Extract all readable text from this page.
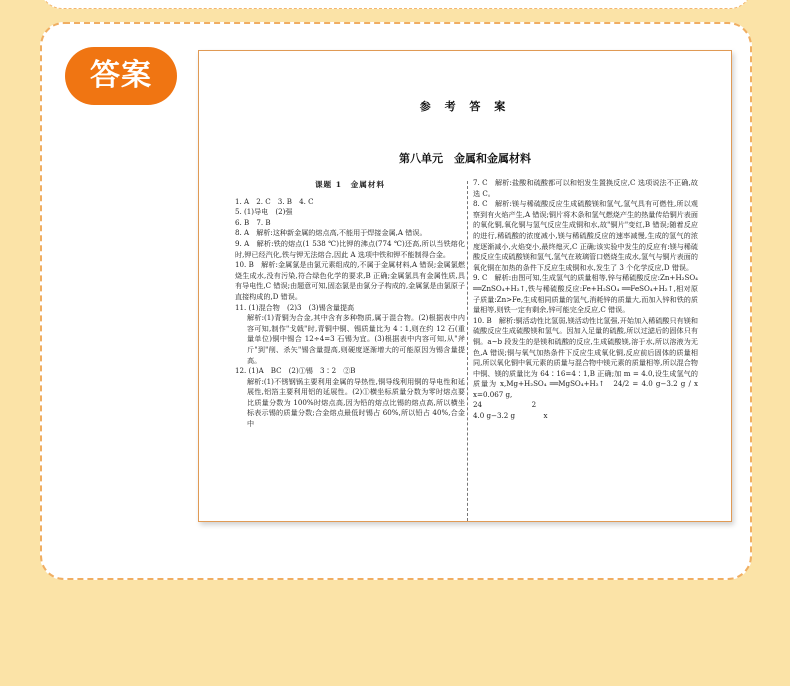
答案
参 考 答 案
第八单元　金属和金属材料
课题 1　金属材料

1. A　2. C　3. B　4. C

5. (1)导电　(2)强

6. B　7. B

8. A　解析:这种新金属的熔点高,不能用于焊接金属,A 错误。

9. A　解析:铁的熔点(1 538 ℃)比钾的沸点(774 ℃)还高,所以当铁熔化时,钾已经汽化,铁与钾无法熔合,因此 A 选项中铁和钾不能制得合金。

10. B　解析:金属氯是由氯元素组成的,不属于金属材料,A 错误;金属氯燃烧生成水,没有污染,符合绿色化学的要求,B 正确;金属氯具有金属性质,具有导电性,C 错误;由题意可知,固态氯是由氯分子构成的,金属氯是由氯原子直接构成的,D 错误。

11. (1)混合物　(2)3　(3)锡含量提高

解析:(1)青铜为合金,其中含有多种物质,属于混合物。(2)根据表中内容可知,制作"戈戟"时,青铜中铜、锡质量比为 4∶1,则在约 12 石(重量单位)铜中锡合 12÷4=3 石锡为宜。(3)根据表中内容可知,从"斧斤"到"削、杀矢"锡含量提高,则硬度逐渐增大的可能原因为锡含量提高。

12. (1)A　BC　(2)①锡　3∶2　②B

解析:(1)不锈钢锅主要利用金属的导热性,铜导线利用铜的导电性和延展性,铝箔主要利用铝的延展性。(2)①横坐标质量分数为零时熔点要比质量分数为 100%时熔点高,因为铅的熔点比锡的熔点高,所以横坐标表示锡的质量分数;合金熔点最低时锡占 60%,所以铅占 40%,合金中

7. C　解析:盐酸和硫酸都可以和铝发生置换反应,C 选项说法不正确,故选 C。

8. C　解析:镁与稀硫酸反应生成硫酸镁和氢气,氢气具有可燃性,所以观察到有火焰产生,A 错误;铜片将木条和氢气燃烧产生的热量传给铜片表面的氧化铜,氧化铜与氢气反应生成铜和水,故"铜片"变红,B 错误;随着反应的进行,稀硫酸的浓度减小,镁与稀硫酸反应的速率减慢,生成的氢气的浓度逐渐减小,火焰变小,最终熄灭,C 正确;该实验中发生的反应有:镁与稀硫酸反应生成硫酸镁和氢气,氢气在玻璃管口燃烧生成水,氢气与铜片表面的氧化铜在加热的条件下反应生成铜和水,发生了 3 个化学反应,D 错误。

9. C　解析:由图可知,生成氢气的质量相等,锌与稀硫酸反应:Zn+H₂SO₄ ══ZnSO₄+H₂↑,铁与稀硫酸反应:Fe+H₂SO₄ ══FeSO₄+H₂↑,相对原子质量:Zn>Fe,生成相同质量的氢气,消耗锌的质量大,而加入锌和铁的质量相等,则铁一定有剩余,锌可能完全反应,C 错误。

10. B　解析:铜活动性比氢弱,镁活动性比氢强,开始加入稀硫酸只有镁和硫酸反应生成硫酸镁和氢气。因加入足量的硫酸,所以过滤后的固体只有铜。a~b 段发生的是镁和硫酸的反应,生成硫酸镁,溶于水,所以溶液为无色,A 错误;铜与氧气加热条件下反应生成氧化铜,反应前后固体的质量相同,所以氧化铜中氧元素的质量与混合物中镁元素的质量相等,所以混合物中铜、镁的质量比为 64∶16=4∶1,B 正确;加 m = 4.0,设生成氢气的质量为 x,Mg+H₂SO₄ ══MgSO₄+H₂↑　24/2 = 4.0 g−3.2 g / x　x=0.067 g,

24　　　　　　　2

4.0 g−3.2 g　　　　x
